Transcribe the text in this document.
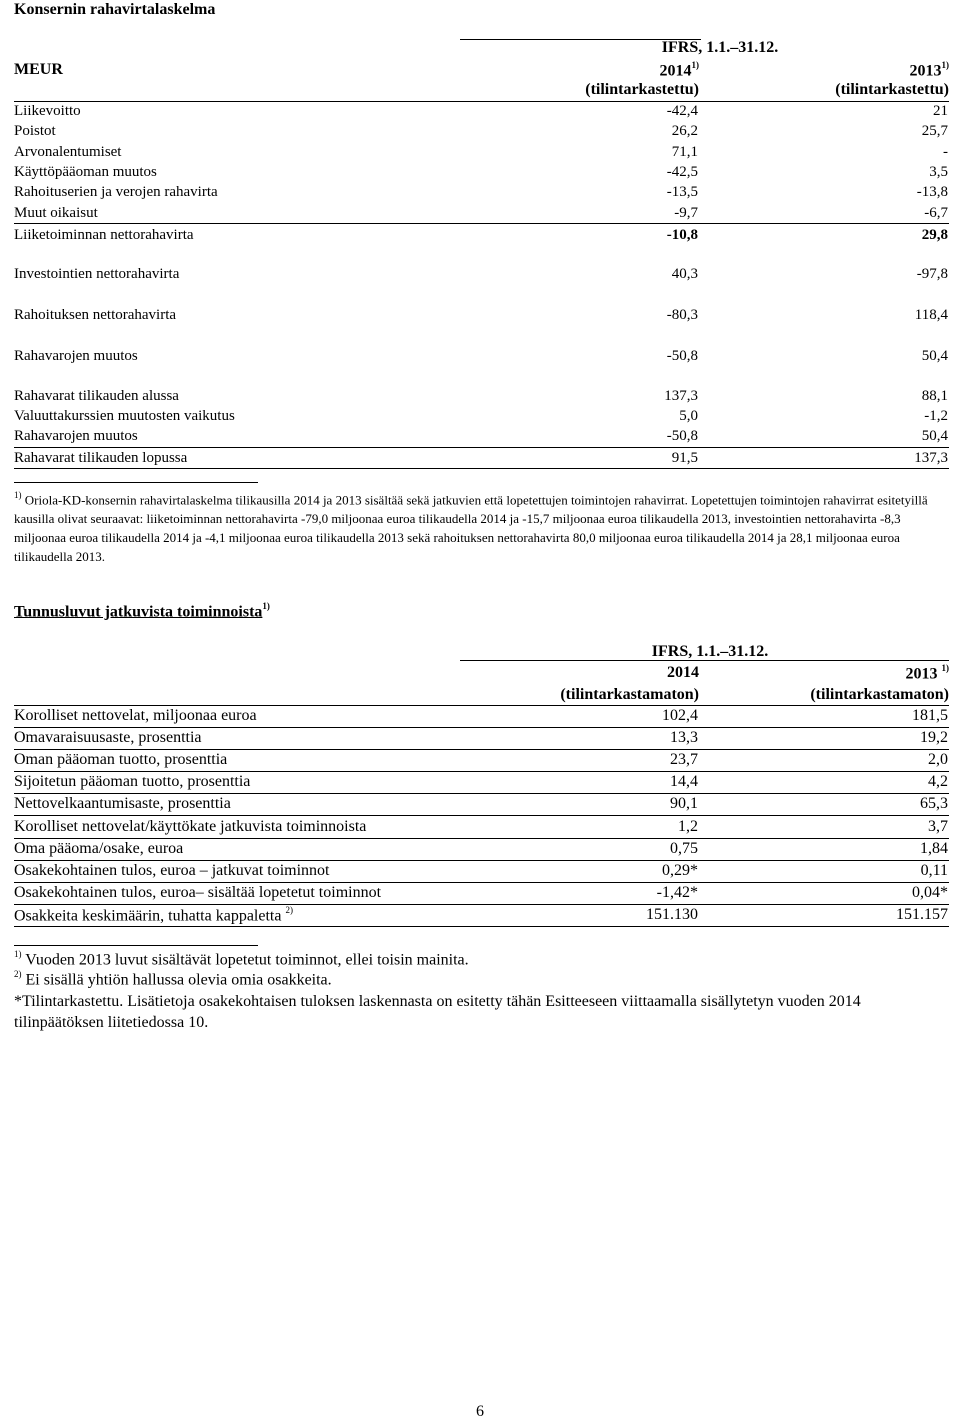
Konsernin rahavirtalaskelma
IFRS, 1.1.–31.12.
MEUR	2014$^{1)}$	2013$^{1)}$
(tilintarkastettu)	(tilintarkastettu)
Liikevoitto	-42,4	21
Poistot	26,2	25,7
Arvonalentumiset	71,1	-
Käyttöpääoman muutos	-42,5	3,5
Rahoituserien ja verojen rahavirta	-13,5	-13,8
Muut oikaisut	-9,7	-6,7
Liiketoiminnan nettorahavirta	-10,8	29,8
Investointien nettorahavirta	40,3	-97,8
Rahoituksen nettorahavirta	-80,3	118,4
Rahavarojen muutos	-50,8	50,4
Rahavarat tilikauden alussa	137,3	88,1
Valuuttakurssien muutosten vaikutus	5,0	-1,2
Rahavarojen muutos	-50,8	50,4
Rahavarat tilikauden lopussa	91,5	137,3
$^{1)}$ Oriola-KD-konsernin rahavirtalaskelma tilikausilla 2014 ja 2013 sisältää sekä jatkuvien että lopetettujen toimintojen rahavirrat. Lopetettujen toimintojen rahavirrat esitetyillä kausilla olivat seuraavat: liiketoiminnan nettorahavirta -79,0 miljoonaa euroa tilikaudella 2014 ja -15,7 miljoonaa euroa tilikaudella 2013, investointien nettorahavirta -8,3 miljoonaa euroa tilikaudella 2014 ja -4,1 miljoonaa euroa tilikaudella 2013 sekä rahoituksen nettorahavirta 80,0 miljoonaa euroa tilikaudella 2014 ja 28,1 miljoonaa euroa tilikaudella 2013.
Tunnusluvut jatkuvista toiminnoista$^{1)}$
IFRS, 1.1.–31.12.
2014	2013 $^{1)}$
(tilintarkastamaton)	(tilintarkastamaton)
Korolliset nettovelat, miljoonaa euroa	102,4	181,5
Omavaraisuusaste, prosenttia	13,3	19,2
Oman pääoman tuotto, prosenttia	23,7	2,0
Sijoitetun pääoman tuotto, prosenttia	14,4	4,2
Nettovelkaantumisaste, prosenttia	90,1	65,3
Korolliset nettovelat/käyttökate jatkuvista toiminnoista	1,2	3,7
Oma pääoma/osake, euroa	0,75	1,84
Osakekohtainen tulos, euroa – jatkuvat toiminnot	0,29*	0,11
Osakekohtainen tulos, euroa– sisältää lopetetut toiminnot	-1,42*	0,04*
Osakkeita keskimäärin, tuhatta kappaletta $^{2)}$	151.130	151.157
$^{1)}$ Vuoden 2013 luvut sisältävät lopetetut toiminnot, ellei toisin mainita.
$^{2)}$ Ei sisällä yhtiön hallussa olevia omia osakkeita.
*Tilintarkastettu. Lisätietoja osakekohtaisen tuloksen laskennasta on esitetty tähän Esitteeseen viittaamalla sisällytetyn vuoden 2014 tilinpäätöksen liitetiedossa 10.
6
